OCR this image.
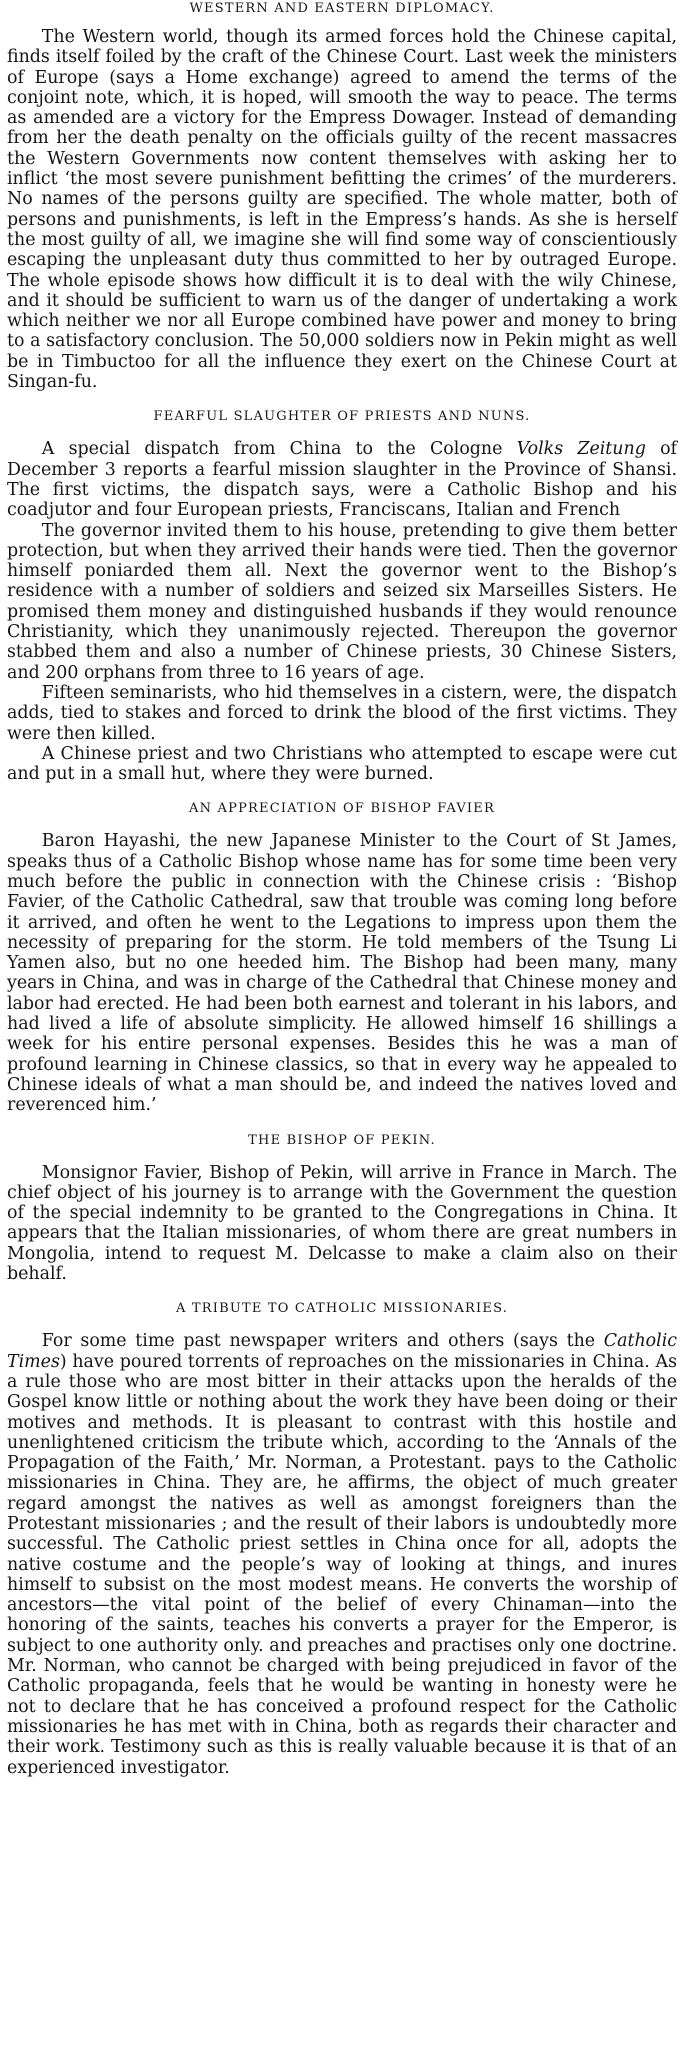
WESTERN AND EASTERN DIPLOMACY.

The Western world, though its armed forces hold the Chinese capital, finds itself foiled by the craft of the Chinese Court. Last week the ministers of Europe (says a Home exchange) agreed to amend the terms of the conjoint note, which, it is hoped, will smooth the way to peace. The terms as amended are a victory for the Empress Dowager. Instead of demanding from her the death penalty on the officials guilty of the recent massacres the Western Governments now content themselves with asking her to inflict ‘the most severe punishment befitting the crimes’ of the murderers. No names of the persons guilty are specified. The whole matter, both of persons and punishments, is left in the Empress’s hands. As she is herself the most guilty of all, we imagine she will find some way of conscientiously escaping the unpleasant duty thus committed to her by outraged Europe. The whole episode shows how difficult it is to deal with the wily Chinese, and it should be sufficient to warn us of the danger of undertaking a work which neither we nor all Europe combined have power and money to bring to a satisfactory conclusion. The 50,000 soldiers now in Pekin might as well be in Timbuctoo for all the influence they exert on the Chinese Court at Singan-fu.

FEARFUL SLAUGHTER OF PRIESTS AND NUNS.

A special dispatch from China to the Cologne Volks Zeitung of December 3 reports a fearful mission slaughter in the Province of Shansi. The first victims, the dispatch says, were a Catholic Bishop and his coadjutor and four European priests, Franciscans, Italian and French

The governor invited them to his house, pretending to give them better protection, but when they arrived their hands were tied. Then the governor himself poniarded them all. Next the governor went to the Bishop’s residence with a number of soldiers and seized six Marseilles Sisters. He promised them money and distinguished husbands if they would renounce Christianity, which they unanimously rejected. Thereupon the governor stabbed them and also a number of Chinese priests, 30 Chinese Sisters, and 200 orphans from three to 16 years of age.

Fifteen seminarists, who hid themselves in a cistern, were, the dispatch adds, tied to stakes and forced to drink the blood of the first victims. They were then killed.

A Chinese priest and two Christians who attempted to escape were cut and put in a small hut, where they were burned.

AN APPRECIATION OF BISHOP FAVIER

Baron Hayashi, the new Japanese Minister to the Court of St James, speaks thus of a Catholic Bishop whose name has for some time been very much before the public in connection with the Chinese crisis : ‘Bishop Favier, of the Catholic Cathedral, saw that trouble was coming long before it arrived, and often he went to the Legations to impress upon them the necessity of preparing for the storm. He told members of the Tsung Li Yamen also, but no one heeded him. The Bishop had been many, many years in China, and was in charge of the Cathedral that Chinese money and labor had erected. He had been both earnest and tolerant in his labors, and had lived a life of absolute simplicity. He allowed himself 16 shillings a week for his entire personal expenses. Besides this he was a man of profound learning in Chinese classics, so that in every way he appealed to Chinese ideals of what a man should be, and indeed the natives loved and reverenced him.’

THE BISHOP OF PEKIN.

Monsignor Favier, Bishop of Pekin, will arrive in France in March. The chief object of his journey is to arrange with the Government the question of the special indemnity to be granted to the Congregations in China. It appears that the Italian missionaries, of whom there are great numbers in Mongolia, intend to request M. Delcasse to make a claim also on their behalf.

A TRIBUTE TO CATHOLIC MISSIONARIES.

For some time past newspaper writers and others (says the Catholic Times) have poured torrents of reproaches on the missionaries in China. As a rule those who are most bitter in their attacks upon the heralds of the Gospel know little or nothing about the work they have been doing or their motives and methods. It is pleasant to contrast with this hostile and unenlightened criticism the tribute which, according to the ‘Annals of the Propagation of the Faith,’ Mr. Norman, a Protestant. pays to the Catholic missionaries in China. They are, he affirms, the object of much greater regard amongst the natives as well as amongst foreigners than the Protestant missionaries ; and the result of their labors is undoubtedly more successful. The Catholic priest settles in China once for all, adopts the native costume and the people’s way of looking at things, and inures himself to subsist on the most modest means. He converts the worship of ancestors—the vital point of the belief of every Chinaman—into the honoring of the saints, teaches his converts a prayer for the Emperor, is subject to one authority only. and preaches and practises only one doctrine. Mr. Norman, who cannot be charged with being prejudiced in favor of the Catholic propaganda, feels that he would be wanting in honesty were he not to declare that he has conceived a profound respect for the Catholic missionaries he has met with in China, both as regards their character and their work. Testimony such as this is really valuable because it is that of an experienced investigator.
